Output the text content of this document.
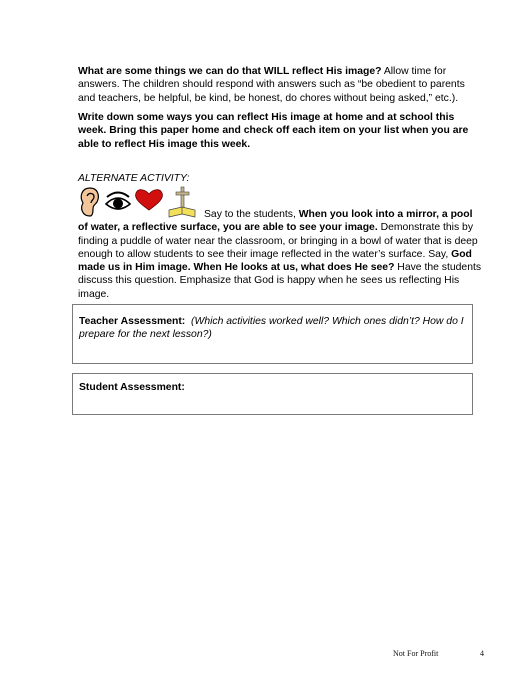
What are some things we can do that WILL reflect His image? Allow time for answers. The children should respond with answers such as “be obedient to parents and teachers, be helpful, be kind, be honest, do chores without being asked,” etc.).

Write down some ways you can reflect His image at home and at school this week. Bring this paper home and check off each item on your list when you are able to reflect His image this week.

ALTERNATE ACTIVITY:

Say to the students, When you look into a mirror, a pool of water, a reflective surface, you are able to see your image. Demonstrate this by finding a puddle of water near the classroom, or bringing in a bowl of water that is deep enough to allow students to see their image reflected in the water’s surface. Say, God made us in Him image. When He looks at us, what does He see? Have the students discuss this question. Emphasize that God is happy when he sees us reflecting His image.

Teacher Assessment: (Which activities worked well? Which ones didn’t? How do I prepare for the next lesson?)
Student Assessment:
Not For Profit	4
